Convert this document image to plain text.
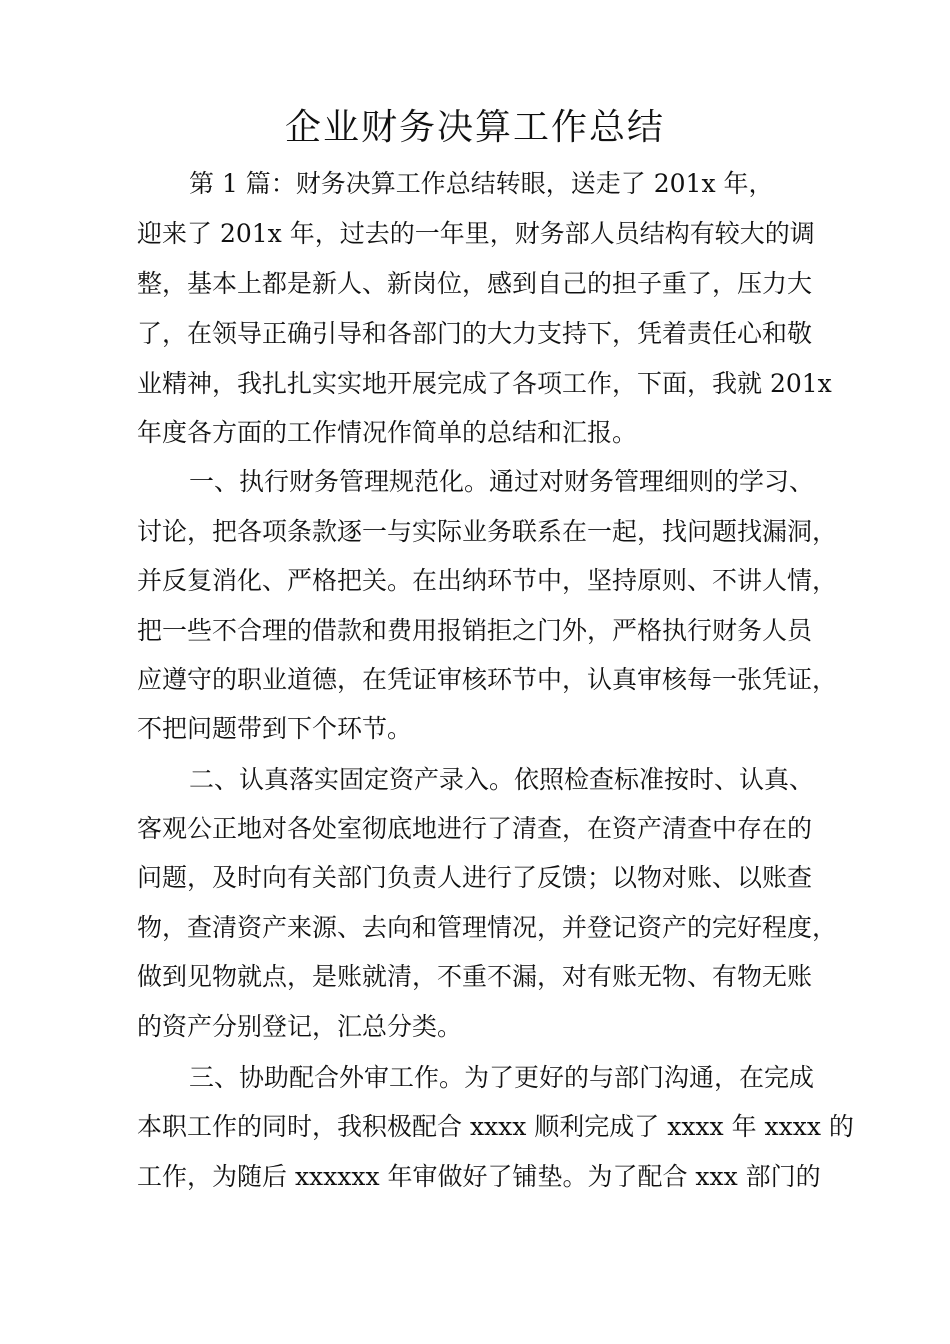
企业财务决算工作总结
第 1 篇：财务决算工作总结转眼，送走了 201x 年，
迎来了 201x 年，过去的一年里，财务部人员结构有较大的调
整，基本上都是新人、新岗位，感到自己的担子重了，压力大
了，在领导正确引导和各部门的大力支持下，凭着责任心和敬
业精神，我扎扎实实地开展完成了各项工作，下面，我就 201x
年度各方面的工作情况作简单的总结和汇报。
一、执行财务管理规范化。通过对财务管理细则的学习、
讨论，把各项条款逐一与实际业务联系在一起，找问题找漏洞，
并反复消化、严格把关。在出纳环节中，坚持原则、不讲人情，
把一些不合理的借款和费用报销拒之门外，严格执行财务人员
应遵守的职业道德，在凭证审核环节中，认真审核每一张凭证，
不把问题带到下个环节。
二、认真落实固定资产录入。依照检查标准按时、认真、
客观公正地对各处室彻底地进行了清查，在资产清查中存在的
问题，及时向有关部门负责人进行了反馈；以物对账、以账查
物，查清资产来源、去向和管理情况，并登记资产的完好程度，
做到见物就点，是账就清，不重不漏，对有账无物、有物无账
的资产分别登记，汇总分类。
三、协助配合外审工作。为了更好的与部门沟通，在完成
本职工作的同时，我积极配合 xxxx 顺利完成了 xxxx 年 xxxx 的
工作，为随后 xxxxxx 年审做好了铺垫。为了配合 xxx 部门的
